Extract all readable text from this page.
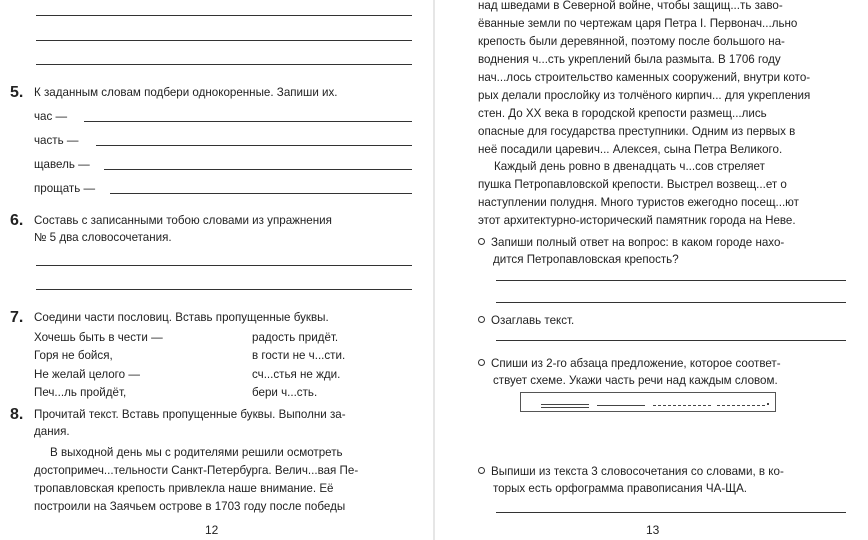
5. К заданным словам подбери однокоренные. Запиши их.
час —
часть —
щавель —
прощать —
6. Составь с записанными тобою словами из упражнения
№ 5 два словосочетания.
7. Соедини части пословиц. Вставь пропущенные буквы.
Хочешь быть в чести —
Горя не бойся,
Не желай целого —
Печ...ль пройдёт,
радость придёт.
в гости не ч...сти.
сч...стья не жди.
бери ч...сть.
8. Прочитай текст. Вставь пропущенные буквы. Выполни за-
дания.
В выходной день мы с родителями решили осмотреть
достопримеч...тельности Санкт-Петербурга. Велич...вая Пе-
тропавловская крепость привлекла наше внимание. Её
построили на Заячьем острове в 1703 году после победы
12
над шведами в Северной войне, чтобы защищ...ть заво-
ёванные земли по чертежам царя Петра I. Первонач...льно
крепость были деревянной, поэтому после большого на-
воднения ч...сть укреплений была размыта. В 1706 году
нач...лось строительство каменных сооружений, внутри кото-
рых делали прослойку из толчёного кирпич... для укрепления
стен. До XX века в городской крепости размещ...лись
опасные для государства преступники. Одним из первых в
неё посадили царевич... Алексея, сына Петра Великого.
Каждый день ровно в двенадцать ч...сов стреляет
пушка Петропавловской крепости. Выстрел возвещ...ет о
наступлении полудня. Много туристов ежегодно посещ...ют
этот архитектурно-исторический памятник города на Неве.
Запиши полный ответ на вопрос: в каком городе нахо-
дится Петропавловская крепость?
Озаглавь текст.
Спиши из 2-го абзаца предложение, которое соответ-
ствует схеме. Укажи часть речи над каждым словом.
Выпиши из текста 3 словосочетания со словами, в ко-
торых есть орфограмма правописания ЧА-ЩА.
13
